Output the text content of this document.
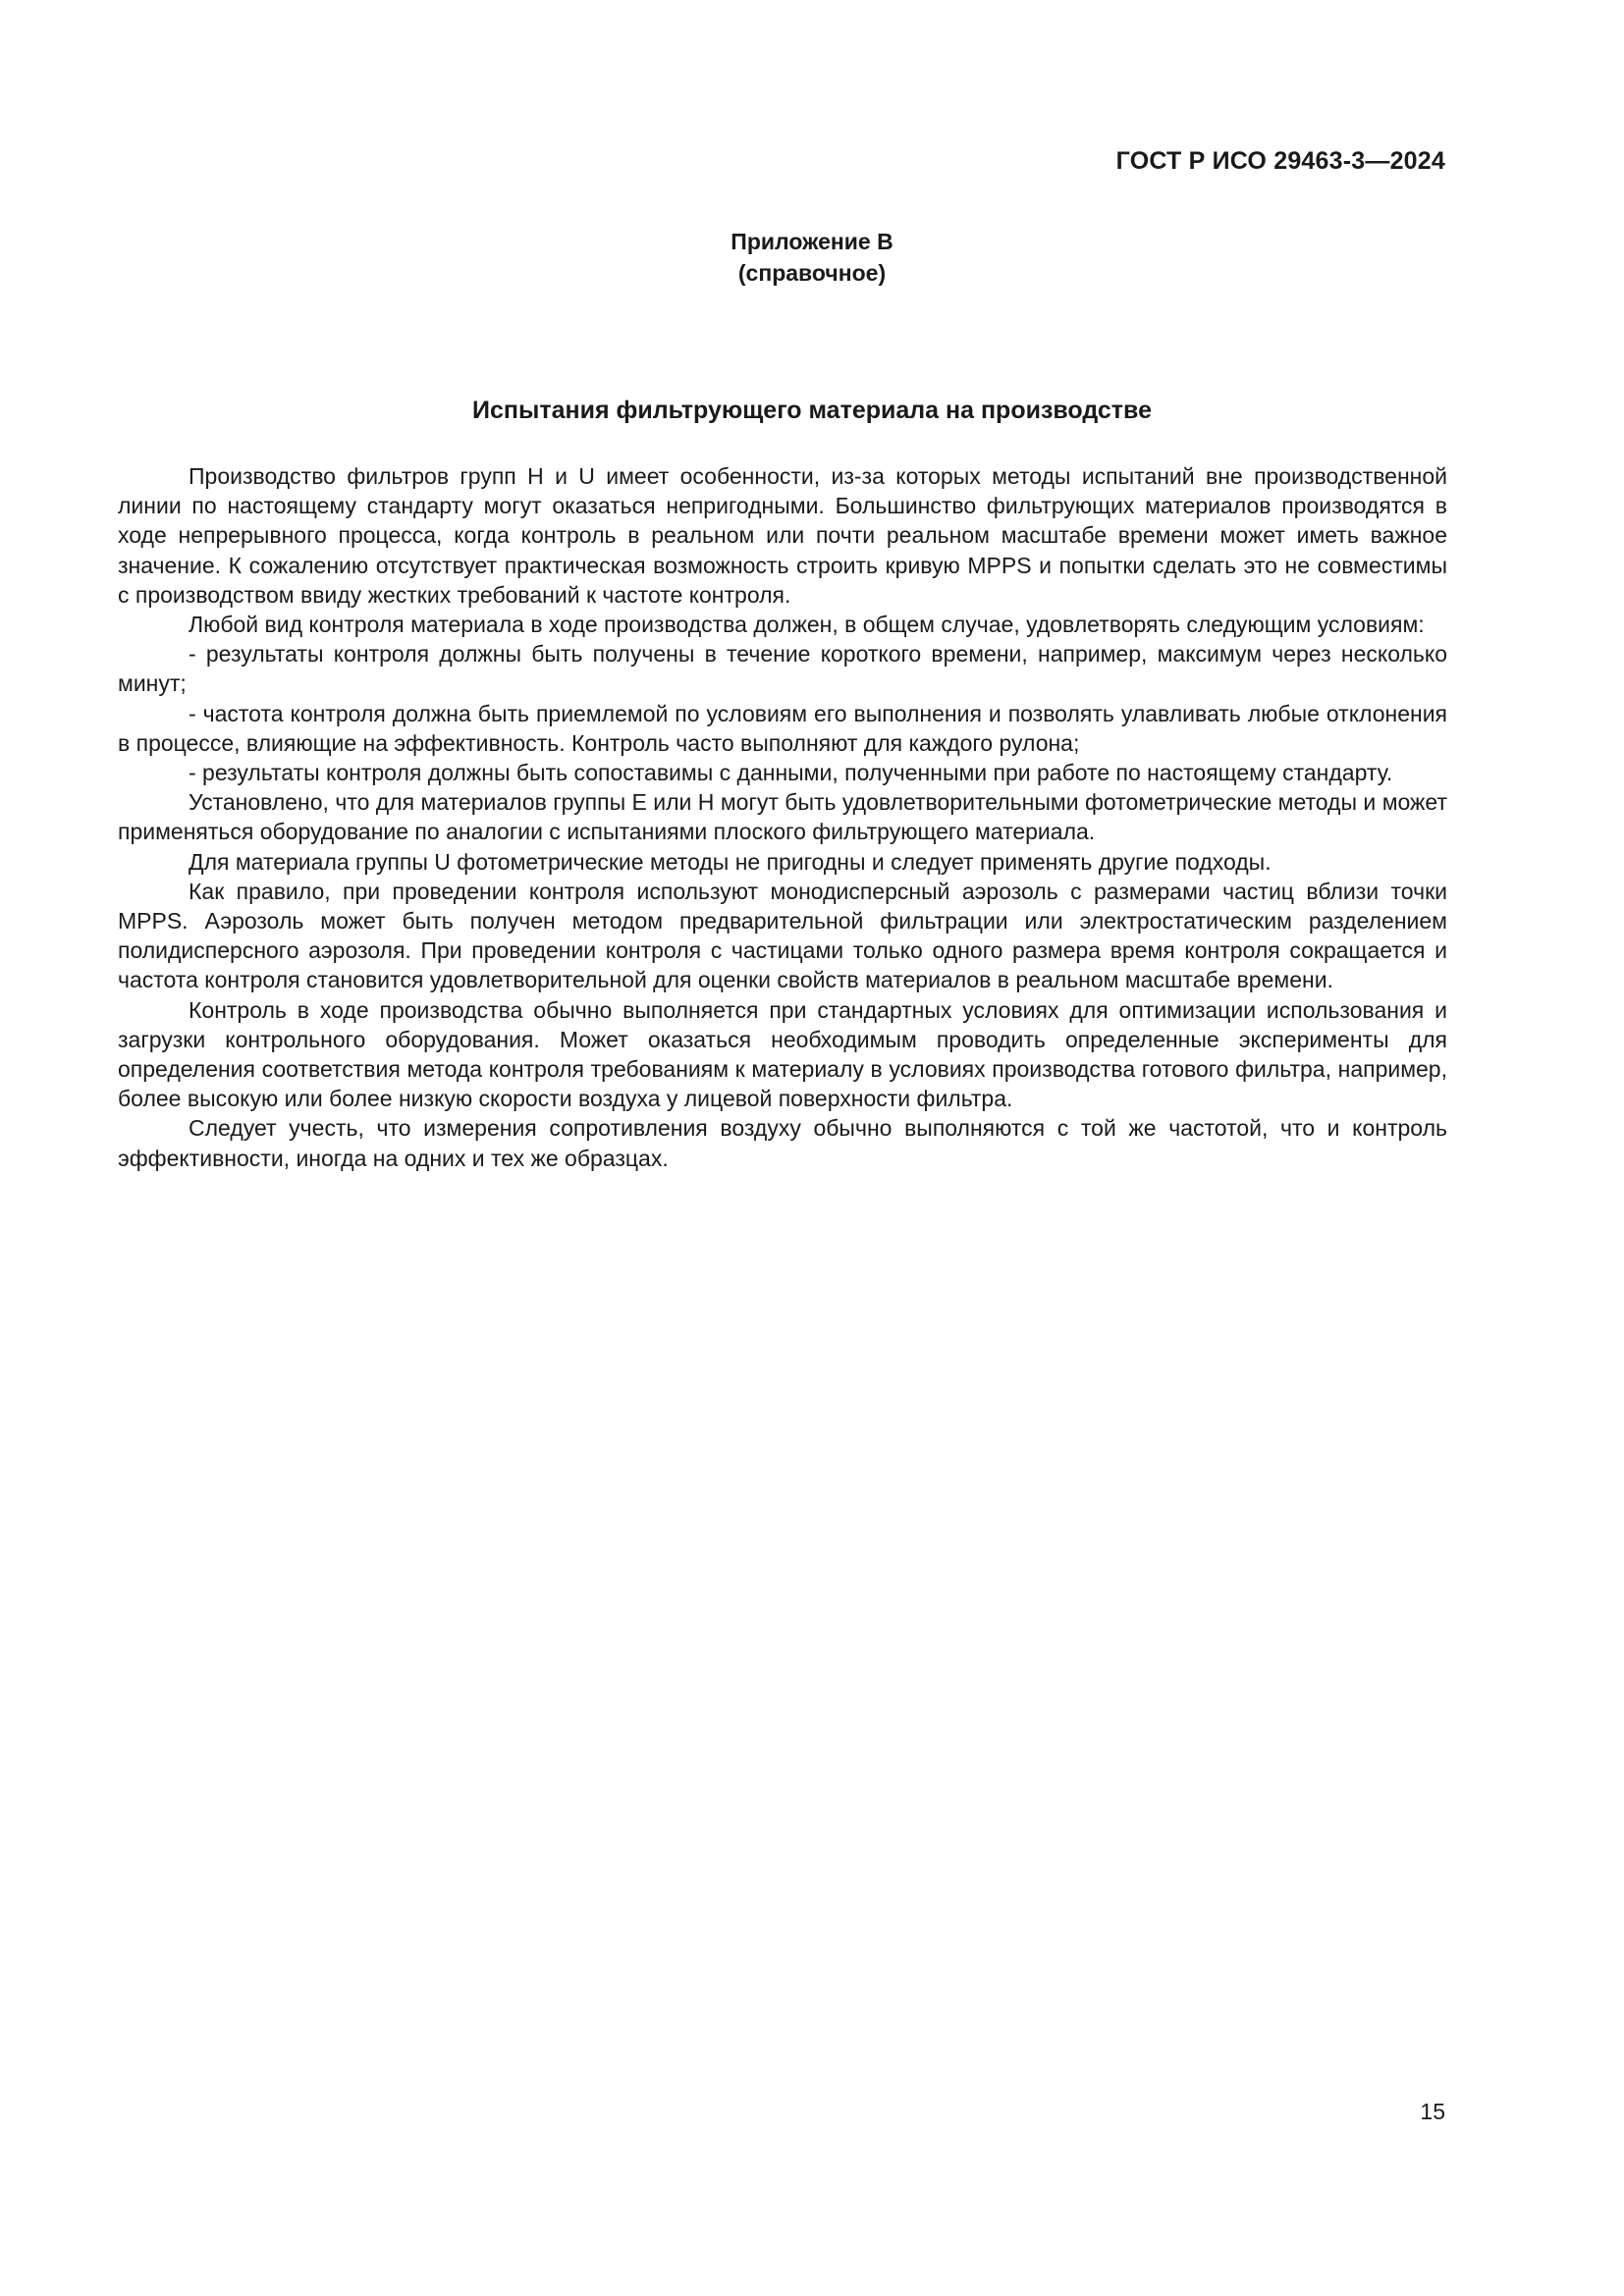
ГОСТ Р ИСО 29463-3—2024
Приложение B
(справочное)
Испытания фильтрующего материала на производстве

Производство фильтров групп H и U имеет особенности, из-за которых методы испытаний вне производственной линии по настоящему стандарту могут оказаться непригодными. Большинство фильтрующих материалов производятся в ходе непрерывного процесса, когда контроль в реальном или почти реальном масштабе времени может иметь важное значение. К сожалению отсутствует практическая возможность строить кривую MPPS и попытки сделать это не совместимы с производством ввиду жестких требований к частоте контроля.

Любой вид контроля материала в ходе производства должен, в общем случае, удовлетворять следующим условиям:

- результаты контроля должны быть получены в течение короткого времени, например, максимум через несколько минут;

- частота контроля должна быть приемлемой по условиям его выполнения и позволять улавливать любые отклонения в процессе, влияющие на эффективность. Контроль часто выполняют для каждого рулона;

- результаты контроля должны быть сопоставимы с данными, полученными при работе по настоящему стандарту.

Установлено, что для материалов группы E или H могут быть удовлетворительными фотометрические методы и может применяться оборудование по аналогии с испытаниями плоского фильтрующего материала.

Для материала группы U фотометрические методы не пригодны и следует применять другие подходы.

Как правило, при проведении контроля используют монодисперсный аэрозоль с размерами частиц вблизи точки MPPS. Аэрозоль может быть получен методом предварительной фильтрации или электростатическим разделением полидисперсного аэрозоля. При проведении контроля с частицами только одного размера время контроля сокращается и частота контроля становится удовлетворительной для оценки свойств материалов в реальном масштабе времени.

Контроль в ходе производства обычно выполняется при стандартных условиях для оптимизации использования и загрузки контрольного оборудования. Может оказаться необходимым проводить определенные эксперименты для определения соответствия метода контроля требованиям к материалу в условиях производства готового фильтра, например, более высокую или более низкую скорости воздуха у лицевой поверхности фильтра.

Следует учесть, что измерения сопротивления воздуху обычно выполняются с той же частотой, что и контроль эффективности, иногда на одних и тех же образцах.

15
